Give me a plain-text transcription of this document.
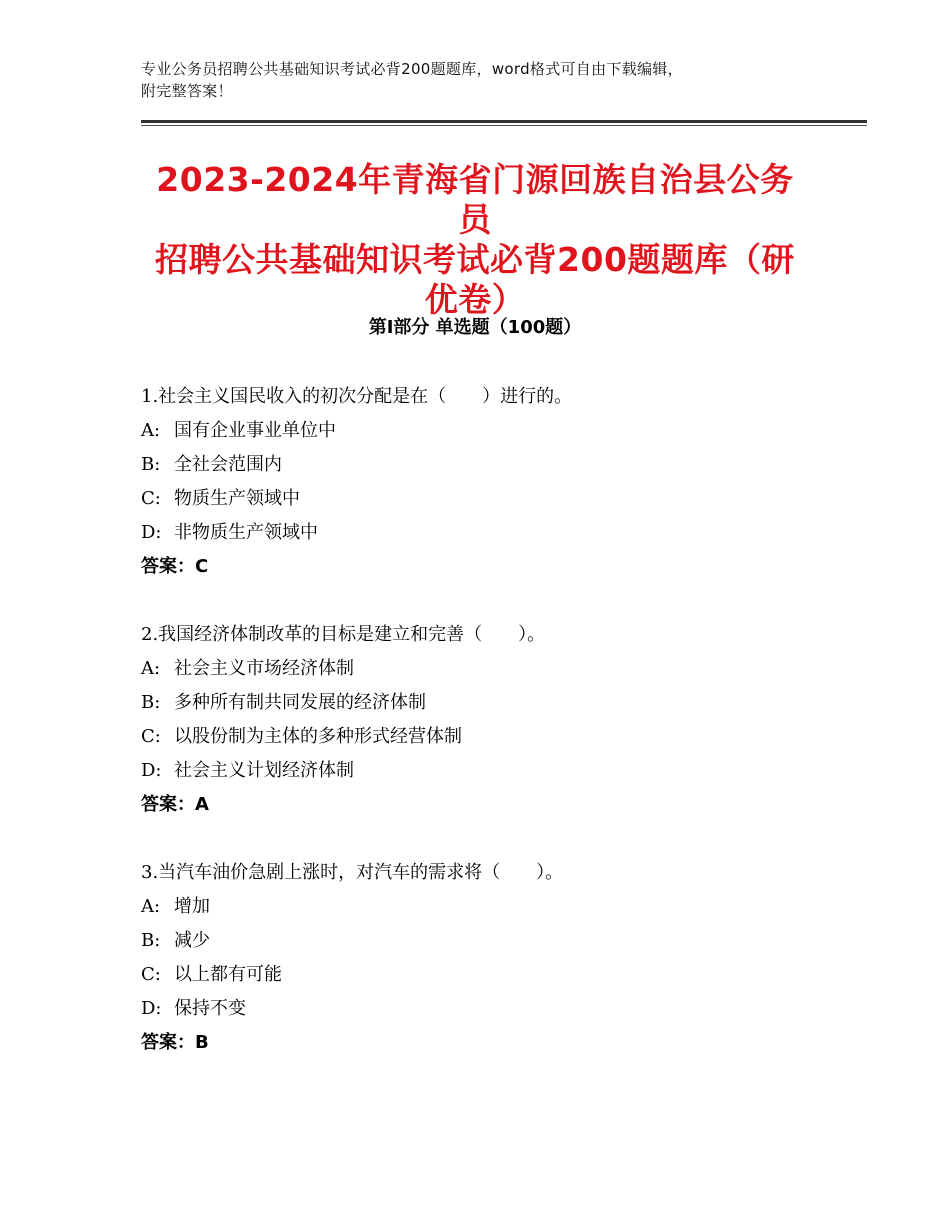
专业公务员招聘公共基础知识考试必背200题题库，word格式可自由下载编辑，
附完整答案！
2023-2024年青海省门源回族自治县公务员
招聘公共基础知识考试必背200题题库（研
优卷）
第Ⅰ部分 单选题（100题）
1.社会主义国民收入的初次分配是在（　　）进行的。
A: 国有企业事业单位中
B: 全社会范围内
C: 物质生产领域中
D: 非物质生产领域中
答案：C
2.我国经济体制改革的目标是建立和完善（　　）。
A: 社会主义市场经济体制
B: 多种所有制共同发展的经济体制
C: 以股份制为主体的多种形式经营体制
D: 社会主义计划经济体制
答案：A
3.当汽车油价急剧上涨时，对汽车的需求将（　　）。
A: 增加
B: 减少
C: 以上都有可能
D: 保持不变
答案：B
